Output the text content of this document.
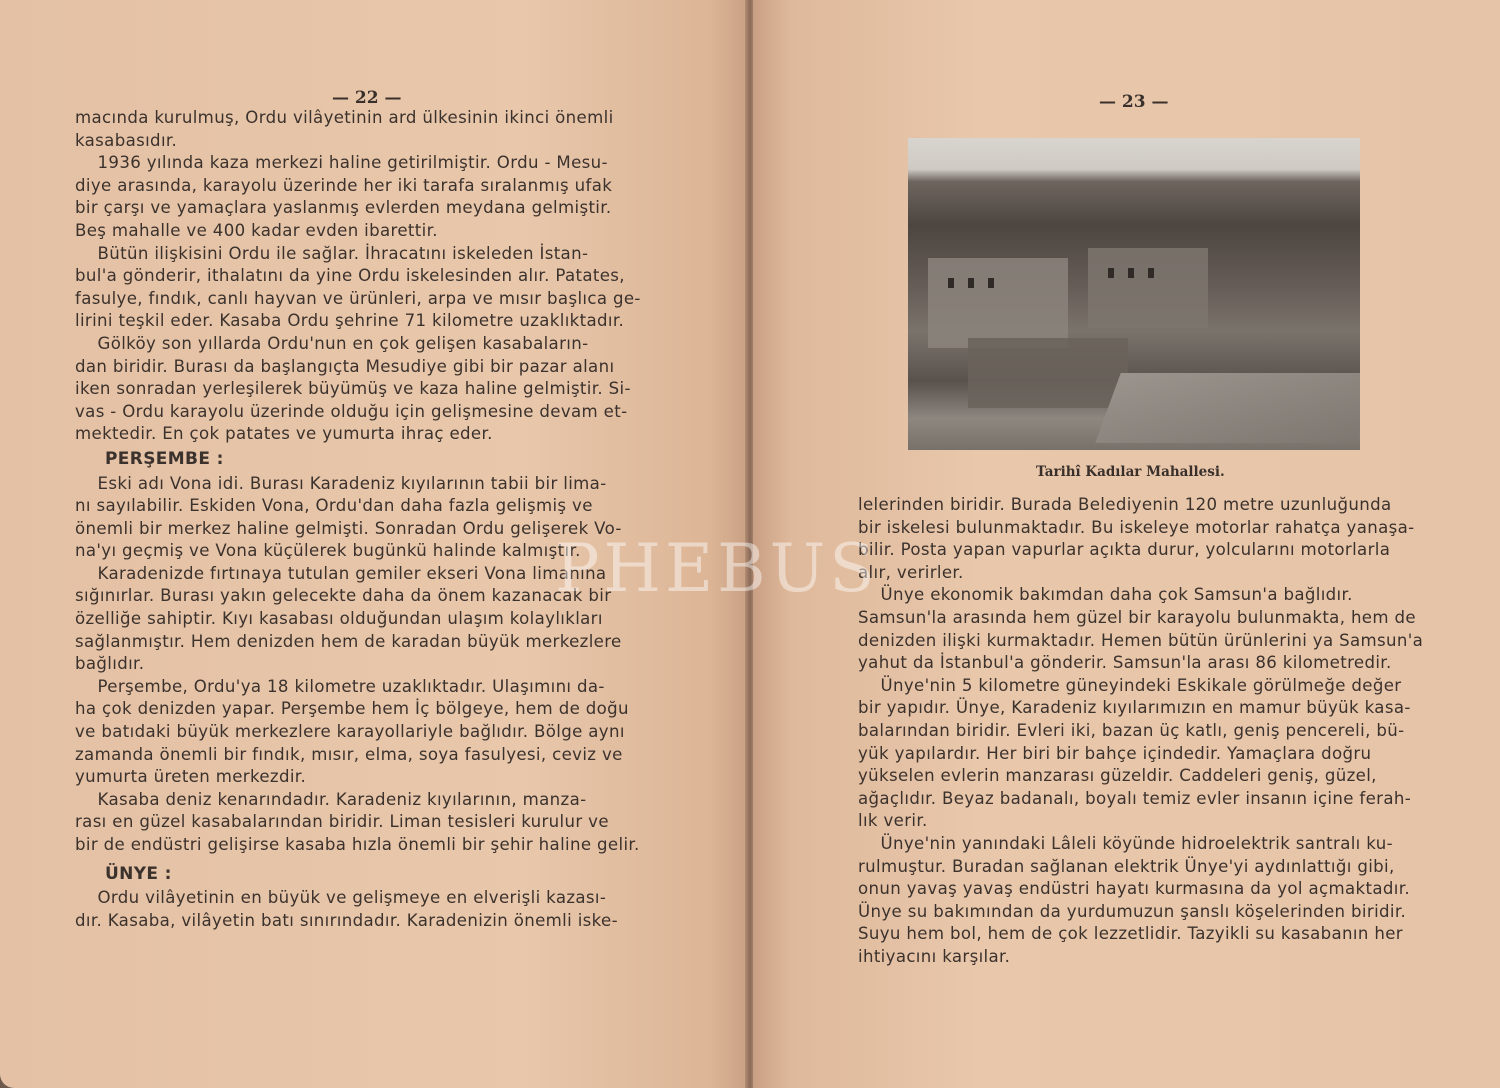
— 22 —

macında kurulmuş, Ordu vilâyetinin ard ülkesinin ikinci önemli

kasabasıdır.

1936 yılında kaza merkezi haline getirilmiştir. Ordu - Mesu-

diye arasında, karayolu üzerinde her iki tarafa sıralanmış ufak

bir çarşı ve yamaçlara yaslanmış evlerden meydana gelmiştir.

Beş mahalle ve 400 kadar evden ibarettir.

Bütün ilişkisini Ordu ile sağlar. İhracatını iskeleden İstan-

bul'a gönderir, ithalatını da yine Ordu iskelesinden alır. Patates,

fasulye, fındık, canlı hayvan ve ürünleri, arpa ve mısır başlıca ge-

lirini teşkil eder. Kasaba Ordu şehrine 71 kilometre uzaklıktadır.

Gölköy son yıllarda Ordu'nun en çok gelişen kasabaların-

dan biridir. Burası da başlangıçta Mesudiye gibi bir pazar alanı

iken sonradan yerleşilerek büyümüş ve kaza haline gelmiştir. Si-

vas - Ordu karayolu üzerinde olduğu için gelişmesine devam et-

mektedir. En çok patates ve yumurta ihraç eder.

PERŞEMBE :

Eski adı Vona idi. Burası Karadeniz kıyılarının tabii bir lima-

nı sayılabilir. Eskiden Vona, Ordu'dan daha fazla gelişmiş ve

önemli bir merkez haline gelmişti. Sonradan Ordu gelişerek Vo-

na'yı geçmiş ve Vona küçülerek bugünkü halinde kalmıştır.

Karadenizde fırtınaya tutulan gemiler ekseri Vona limanına

sığınırlar. Burası yakın gelecekte daha da önem kazanacak bir

özelliğe sahiptir. Kıyı kasabası olduğundan ulaşım kolaylıkları

sağlanmıştır. Hem denizden hem de karadan büyük merkezlere

bağlıdır.

Perşembe, Ordu'ya 18 kilometre uzaklıktadır. Ulaşımını da-

ha çok denizden yapar. Perşembe hem İç bölgeye, hem de doğu

ve batıdaki büyük merkezlere karayollariyle bağlıdır. Bölge aynı

zamanda önemli bir fındık, mısır, elma, soya fasulyesi, ceviz ve

yumurta üreten merkezdir.

Kasaba deniz kenarındadır. Karadeniz kıyılarının, manza-

rası en güzel kasabalarından biridir. Liman tesisleri kurulur ve

bir de endüstri gelişirse kasaba hızla önemli bir şehir haline gelir.

ÜNYE :

Ordu vilâyetinin en büyük ve gelişmeye en elverişli kazası-

dır. Kasaba, vilâyetin batı sınırındadır. Karadenizin önemli iske-

— 23 —
Tarihî Kadılar Mahallesi.

lelerinden biridir. Burada Belediyenin 120 metre uzunluğunda

bir iskelesi bulunmaktadır. Bu iskeleye motorlar rahatça yanaşa-

bilir. Posta yapan vapurlar açıkta durur, yolcularını motorlarla

alır, verirler.

Ünye ekonomik bakımdan daha çok Samsun'a bağlıdır.

Samsun'la arasında hem güzel bir karayolu bulunmakta, hem de

denizden ilişki kurmaktadır. Hemen bütün ürünlerini ya Samsun'a

yahut da İstanbul'a gönderir. Samsun'la arası 86 kilometredir.

Ünye'nin 5 kilometre güneyindeki Eskikale görülmeğe değer

bir yapıdır. Ünye, Karadeniz kıyılarımızın en mamur büyük kasa-

balarından biridir. Evleri iki, bazan üç katlı, geniş pencereli, bü-

yük yapılardır. Her biri bir bahçe içindedir. Yamaçlara doğru

yükselen evlerin manzarası güzeldir. Caddeleri geniş, güzel,

ağaçlıdır. Beyaz badanalı, boyalı temiz evler insanın içine ferah-

lık verir.

Ünye'nin yanındaki Lâleli köyünde hidroelektrik santralı ku-

rulmuştur. Buradan sağlanan elektrik Ünye'yi aydınlattığı gibi,

onun yavaş yavaş endüstri hayatı kurmasına da yol açmaktadır.

Ünye su bakımından da yurdumuzun şanslı köşelerinden biridir.

Suyu hem bol, hem de çok lezzetlidir. Tazyikli su kasabanın her

ihtiyacını karşılar.

PHEBUS
